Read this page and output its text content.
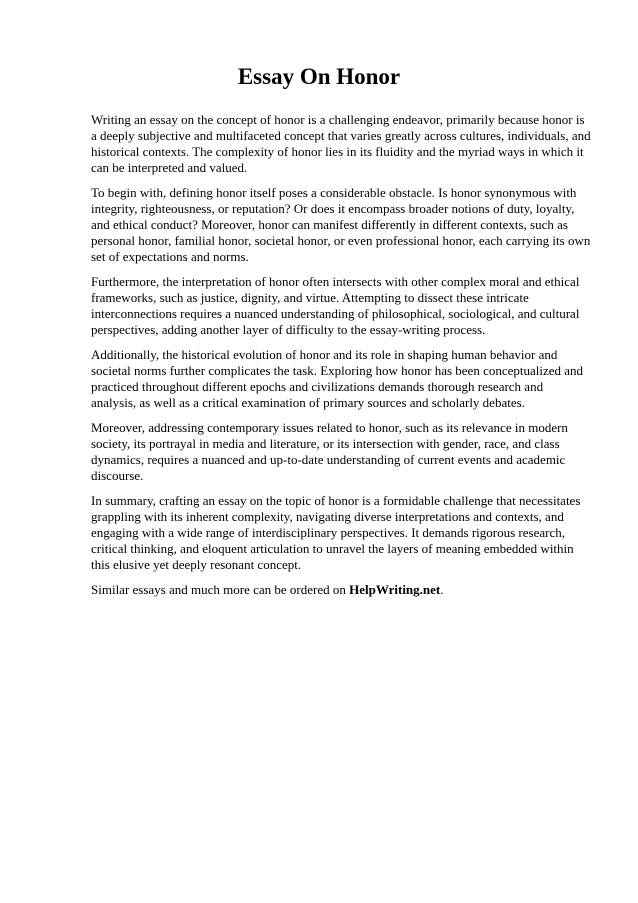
Essay On Honor

Writing an essay on the concept of honor is a challenging endeavor, primarily because honor is a deeply subjective and multifaceted concept that varies greatly across cultures, individuals, and historical contexts. The complexity of honor lies in its fluidity and the myriad ways in which it can be interpreted and valued.

To begin with, defining honor itself poses a considerable obstacle. Is honor synonymous with integrity, righteousness, or reputation? Or does it encompass broader notions of duty, loyalty, and ethical conduct? Moreover, honor can manifest differently in different contexts, such as personal honor, familial honor, societal honor, or even professional honor, each carrying its own set of expectations and norms.

Furthermore, the interpretation of honor often intersects with other complex moral and ethical frameworks, such as justice, dignity, and virtue. Attempting to dissect these intricate interconnections requires a nuanced understanding of philosophical, sociological, and cultural perspectives, adding another layer of difficulty to the essay-writing process.

Additionally, the historical evolution of honor and its role in shaping human behavior and societal norms further complicates the task. Exploring how honor has been conceptualized and practiced throughout different epochs and civilizations demands thorough research and analysis, as well as a critical examination of primary sources and scholarly debates.

Moreover, addressing contemporary issues related to honor, such as its relevance in modern society, its portrayal in media and literature, or its intersection with gender, race, and class dynamics, requires a nuanced and up-to-date understanding of current events and academic discourse.

In summary, crafting an essay on the topic of honor is a formidable challenge that necessitates grappling with its inherent complexity, navigating diverse interpretations and contexts, and engaging with a wide range of interdisciplinary perspectives. It demands rigorous research, critical thinking, and eloquent articulation to unravel the layers of meaning embedded within this elusive yet deeply resonant concept.

Similar essays and much more can be ordered on HelpWriting.net.
